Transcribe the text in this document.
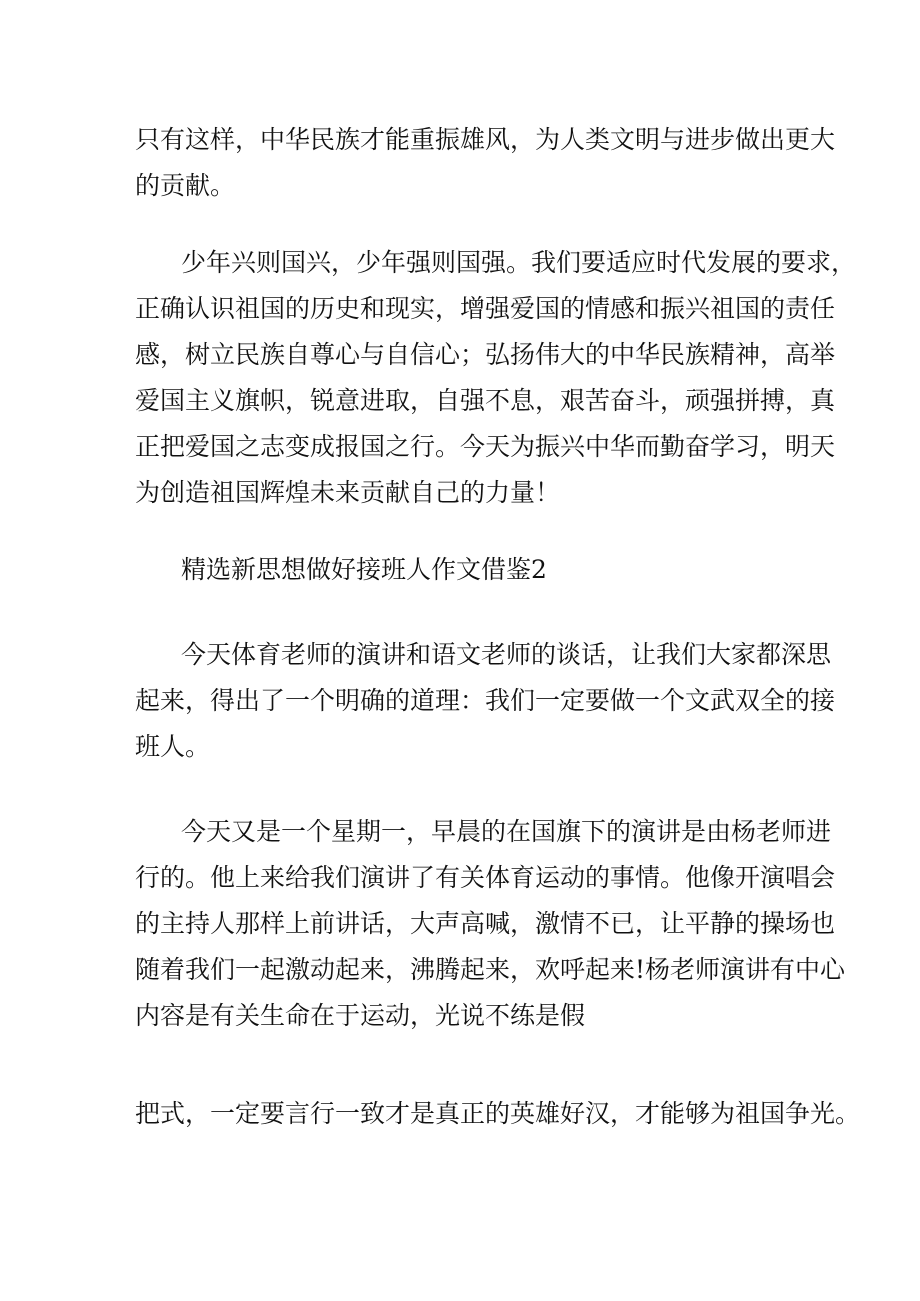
只有这样，中华民族才能重振雄风，为人类文明与进步做出更大
的贡献。
少年兴则国兴，少年强则国强。我们要适应时代发展的要求，
正确认识祖国的历史和现实，增强爱国的情感和振兴祖国的责任
感，树立民族自尊心与自信心；弘扬伟大的中华民族精神，高举
爱国主义旗帜，锐意进取，自强不息，艰苦奋斗，顽强拼搏，真
正把爱国之志变成报国之行。今天为振兴中华而勤奋学习，明天
为创造祖国辉煌未来贡献自己的力量！
精选新思想做好接班人作文借鉴2
今天体育老师的演讲和语文老师的谈话，让我们大家都深思
起来，得出了一个明确的道理：我们一定要做一个文武双全的接
班人。
今天又是一个星期一，早晨的在国旗下的演讲是由杨老师进
行的。他上来给我们演讲了有关体育运动的事情。他像开演唱会
的主持人那样上前讲话，大声高喊，激情不已，让平静的操场也
随着我们一起激动起来，沸腾起来，欢呼起来!杨老师演讲有中心
内容是有关生命在于运动，光说不练是假
把式，一定要言行一致才是真正的英雄好汉，才能够为祖国争光。
